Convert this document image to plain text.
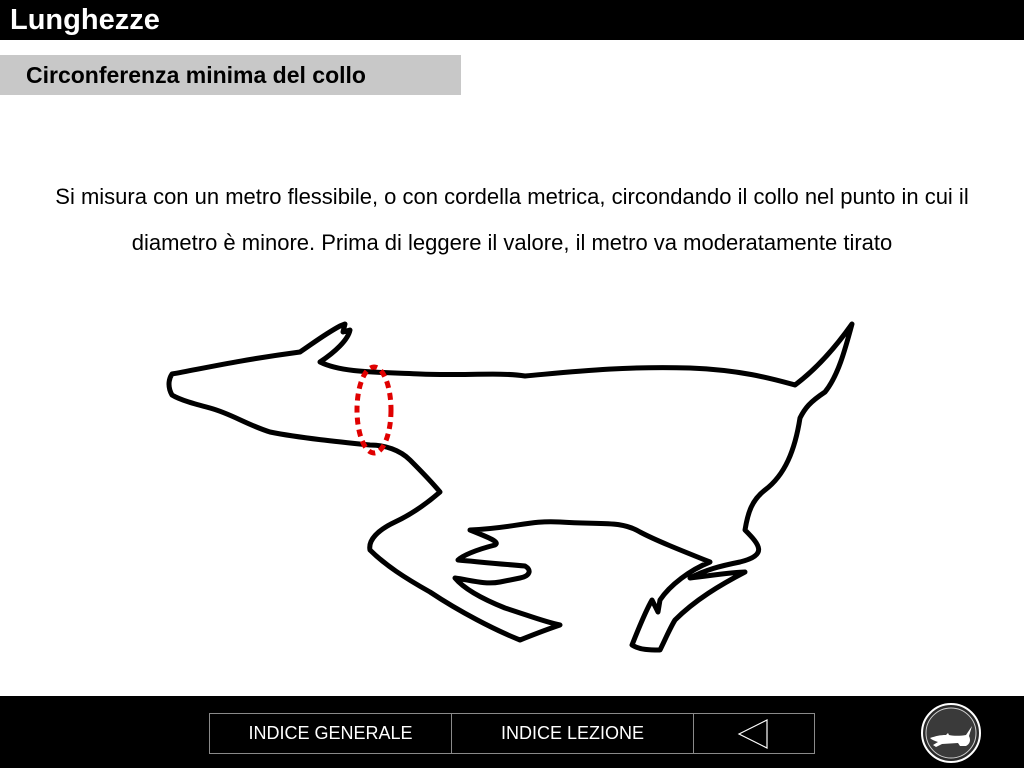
Lunghezze
Circonferenza minima del collo
Si misura con un metro flessibile, o con cordella metrica, circondando il collo nel punto in cui il diametro è minore. Prima di leggere il valore, il metro va moderatamente tirato
INDICE GENERALE	INDICE LEZIONE
